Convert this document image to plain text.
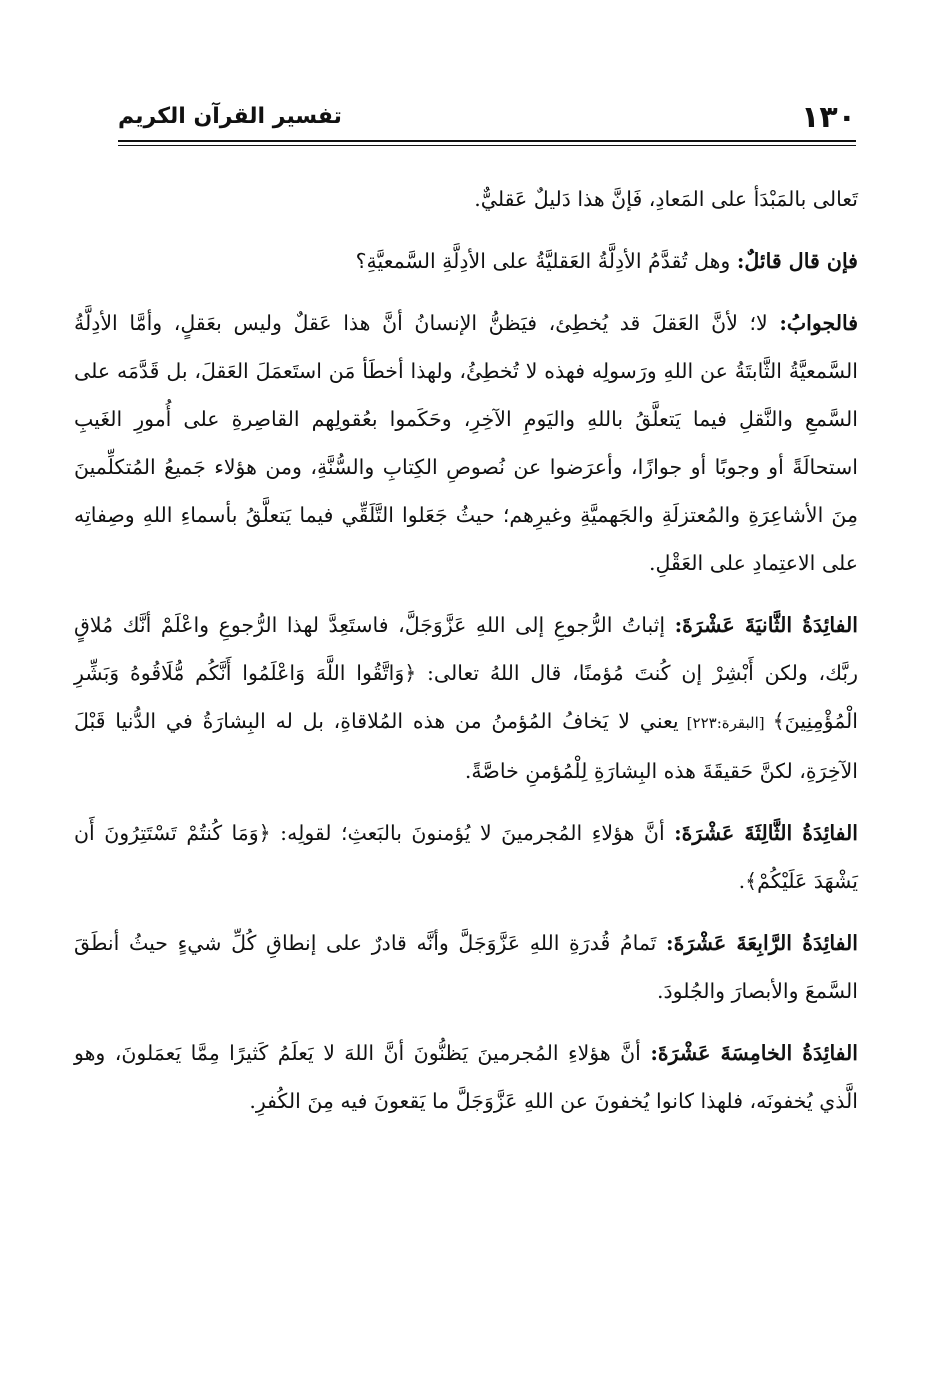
١٣٠
تفسير القرآن الكريم

تَعالى بالمَبْدَأ على المَعادِ، فَإنَّ هذا دَليلٌ عَقليٌّ.

فإن قال قائلٌ: وهل تُقدَّمُ الأدِلَّةُ العَقليَّةُ على الأدِلَّةِ السَّمعيَّةِ؟

فالجوابُ: لا؛ لأنَّ العَقلَ قد يُخطِئ، فيَظنُّ الإنسانُ أنَّ هذا عَقلٌ وليس بعَقلٍ، وأمَّا الأدِلَّةُ السَّمعيَّةُ الثَّابتَةُ عن اللهِ ورَسولِه فهذه لا تُخطِئُ، ولهذا أخطَأ مَن استَعمَلَ العَقلَ، بل قَدَّمَه على السَّمعِ والنَّقلِ فيما يَتعلَّقُ باللهِ واليَومِ الآخِرِ، وحَكَموا بعُقولِهم القاصِرةِ على أُمورِ الغَيبِ استحالَةً أو وجوبًا أو جوازًا، وأعرَضوا عن نُصوصِ الكِتابِ والسُّنَّةِ، ومن هؤلاء جَميعُ المُتكلِّمينَ مِنَ الأشاعِرَةِ والمُعتزلَةِ والجَهميَّةِ وغيرِهم؛ حيثُ جَعَلوا التَّلَقِّي فيما يَتعلَّقُ بأسماءِ اللهِ وصِفاتِه على الاعتِمادِ على العَقْلِ.

الفائِدَةُ الثَّانيَةَ عَشْرَةَ: إثباتُ الرُّجوعِ إلى اللهِ عَزَّوَجَلَّ، فاستَعِدَّ لهذا الرُّجوعِ واعْلَمْ أنَّك مُلاقٍ ربَّك، ولكن أَبْشِرْ إن كُنتَ مُؤمنًا، قال اللهُ تعالى: ﴿وَاتَّقُوا اللَّهَ وَاعْلَمُوا أَنَّكُم مُّلَاقُوهُ وَبَشِّرِ الْمُؤْمِنِينَ﴾ [البقرة:٢٢٣] يعني لا يَخافُ المُؤمنُ من هذه المُلاقاةِ، بل له البِشارَةُ في الدُّنيا قَبْلَ الآخِرَةِ، لكنَّ حَقيقَةَ هذه البِشارَةِ لِلْمُؤمنِ خاصَّةً.

الفائِدَةُ الثَّالِثَةَ عَشْرَةَ: أنَّ هؤلاءِ المُجرمينَ لا يُؤمنونَ بالبَعثِ؛ لقولِه: ﴿وَمَا كُنتُمْ تَسْتَتِرُونَ أَن يَشْهَدَ عَلَيْكُمْ﴾.

الفائِدَةُ الرَّابِعَةَ عَشْرَةَ: تَمامُ قُدرَةِ اللهِ عَزَّوَجَلَّ وأنَّه قادرٌ على إنطاقِ كُلِّ شيءٍ حيثُ أنطَقَ السَّمعَ والأبصارَ والجُلودَ.

الفائِدَةُ الخامِسَةَ عَشْرَةَ: أنَّ هؤلاءِ المُجرمينَ يَظنُّونَ أنَّ اللهَ لا يَعلَمُ كَثيرًا مِمَّا يَعمَلونَ، وهو الَّذي يُخفونَه، فلهذا كانوا يُخفونَ عن اللهِ عَزَّوَجَلَّ ما يَقعونَ فيه مِنَ الكُفرِ.
